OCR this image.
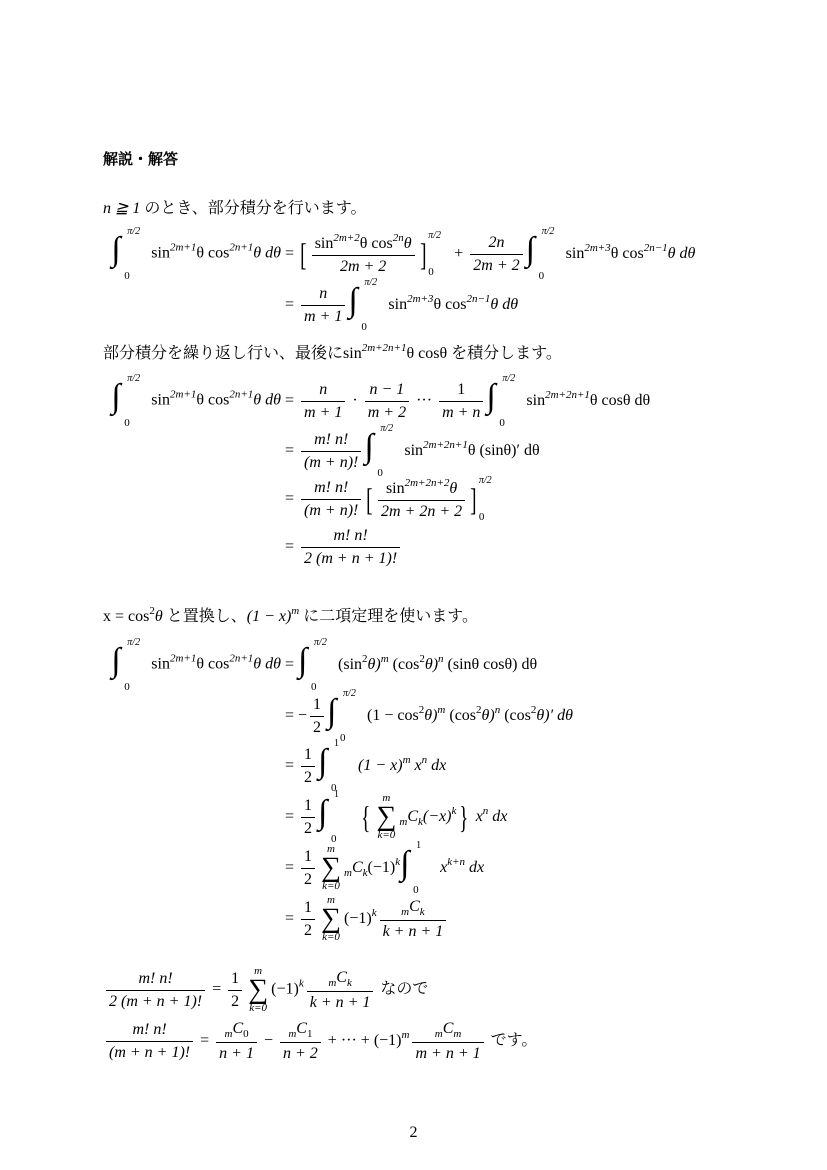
解説・解答
n ≧ 1 のとき、部分積分を行います。
∫ π/2
0
$\sin^{2m+1}\theta$ $\cos^{2n+1}\theta$ dθ = [ $\frac{\sin^{2m+2}\theta \cos^{2n}\theta}{2m + 2}$ ]
π/2
0
+ $\frac{2n}{2m + 2}$ ∫ π/2
0
$\sin^{2m+3}\theta$ $\cos^{2n-1}\theta$ dθ
= $\frac{n}{m + 1}$ ∫ π/2
0
$\sin^{2m+3}\theta$ $\cos^{2n-1}\theta$ dθ
部分積分を繰り返し行い、最後に$\sin^{2m+2n+1}\theta$ cosθ を積分します。
∫ π/2
0
$\sin^{2m+1}\theta$ $\cos^{2n+1}\theta$ $d\theta = \frac{n}{m + 1} \cdot \frac{n - 1}{m + 2}$ ··· $\frac{1}{m + n}$ ∫ π/2
0
$\sin^{2m+2n+1}\theta$ cosθ dθ
= $\frac{m! n!}{(m + n)!}$ ∫ π/2
0
$\sin^{2m+2n+1}\theta$ (sinθ)′ dθ
= $\frac{m! n!}{(m + n)!}$ [ $\frac{\sin^{2m+2n+2}\theta}{2m + 2n + 2}$ ]
π/2
0
= $\frac{m! n!}{2 (m + n + 1)!}$
$x = \cos^2\theta$ と置換し、$(1 - x)^m$ に二項定理を使います。
∫ π/2
0
$\sin^{2m+1}\theta$ $\cos^{2n+1}\theta$ dθ = ∫ π/2
0
$(\sin^2\theta)^m$ $(\cos^2\theta)^n$ (sinθ cosθ) dθ
= − $\frac{1}{2}$ ∫ π/2
0
$(1 - \cos^2\theta)^m$ $(\cos^2\theta)^n$ $(\cos^2\theta)'$ dθ
= $\frac{1}{2}$ ∫ 1
0
$(1 - x)^m$ $x^n$ dx
= $\frac{1}{2}$ ∫ 1
0
{
m
∑
k=0
$_mC_k(-x)^k$} $x^n$ dx
= $\frac{1}{2}$	m
∑
k=0
$_mC_k(-1)^k$ ∫ 1
0
$x^{k+n}$ dx
= $\frac{1}{2}$	m
∑
k=0
$(-1)^k \frac{_mC_k}{k + n + 1}$
$\frac{m! n!}{2 (m + n + 1)!} = \frac{1}{2}$	m
∑
k=0
$(-1)^k \frac{_mC_k}{k + n + 1}$ なので
$\frac{m! n!}{(m + n + 1)!} = \frac{_mC_0}{n + 1} - \frac{_mC_1}{n + 2}$ + ··· + $(-1)^m \frac{_mC_m}{m + n + 1}$ です。
2
